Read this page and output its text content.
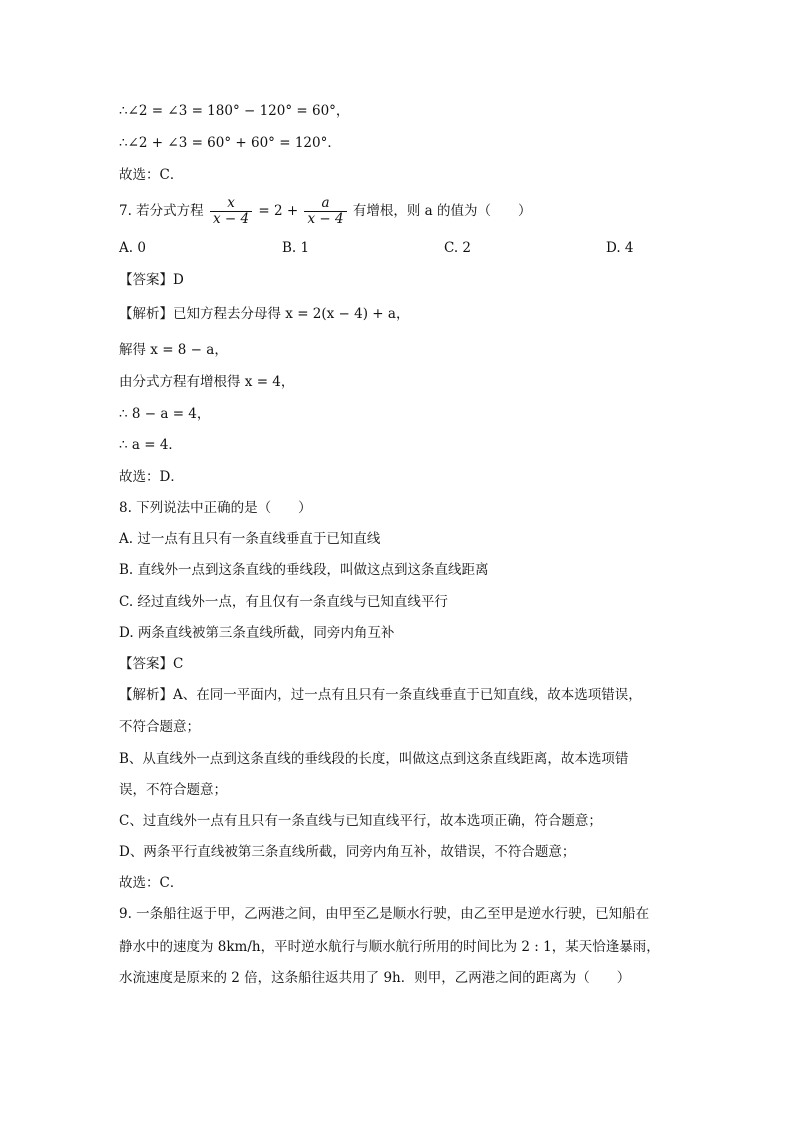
∴∠2 = ∠3 = 180° − 120° = 60°，
∴∠2 + ∠3 = 60° + 60° = 120°．
故选：C．
7. 若分式方程 $\frac{x}{x - 4} = 2 + \frac{a}{x - 4}$ 有增根，则 a 的值为（　　）
A. 0	B. 1	C. 2	D. 4
【答案】D
【解析】已知方程去分母得 x = 2(x − 4) + a，
解得 x = 8 − a，
由分式方程有增根得 x = 4，
∴ 8 − a = 4，
∴ a = 4．
故选：D．
8. 下列说法中正确的是（　　）
A. 过一点有且只有一条直线垂直于已知直线
B. 直线外一点到这条直线的垂线段，叫做这点到这条直线距离
C. 经过直线外一点，有且仅有一条直线与已知直线平行
D. 两条直线被第三条直线所截，同旁内角互补
【答案】C
【解析】A、在同一平面内，过一点有且只有一条直线垂直于已知直线，故本选项错误，
不符合题意；
B、从直线外一点到这条直线的垂线段的长度，叫做这点到这条直线距离，故本选项错
误，不符合题意；
C、过直线外一点有且只有一条直线与已知直线平行，故本选项正确，符合题意；
D、两条平行直线被第三条直线所截，同旁内角互补，故错误，不符合题意；
故选：C．
9. 一条船往返于甲，乙两港之间，由甲至乙是顺水行驶，由乙至甲是逆水行驶，已知船在
静水中的速度为 8km/h，平时逆水航行与顺水航行所用的时间比为 2 : 1，某天恰逢暴雨，
水流速度是原来的 2 倍，这条船往返共用了 9h．则甲，乙两港之间的距离为（　　）
